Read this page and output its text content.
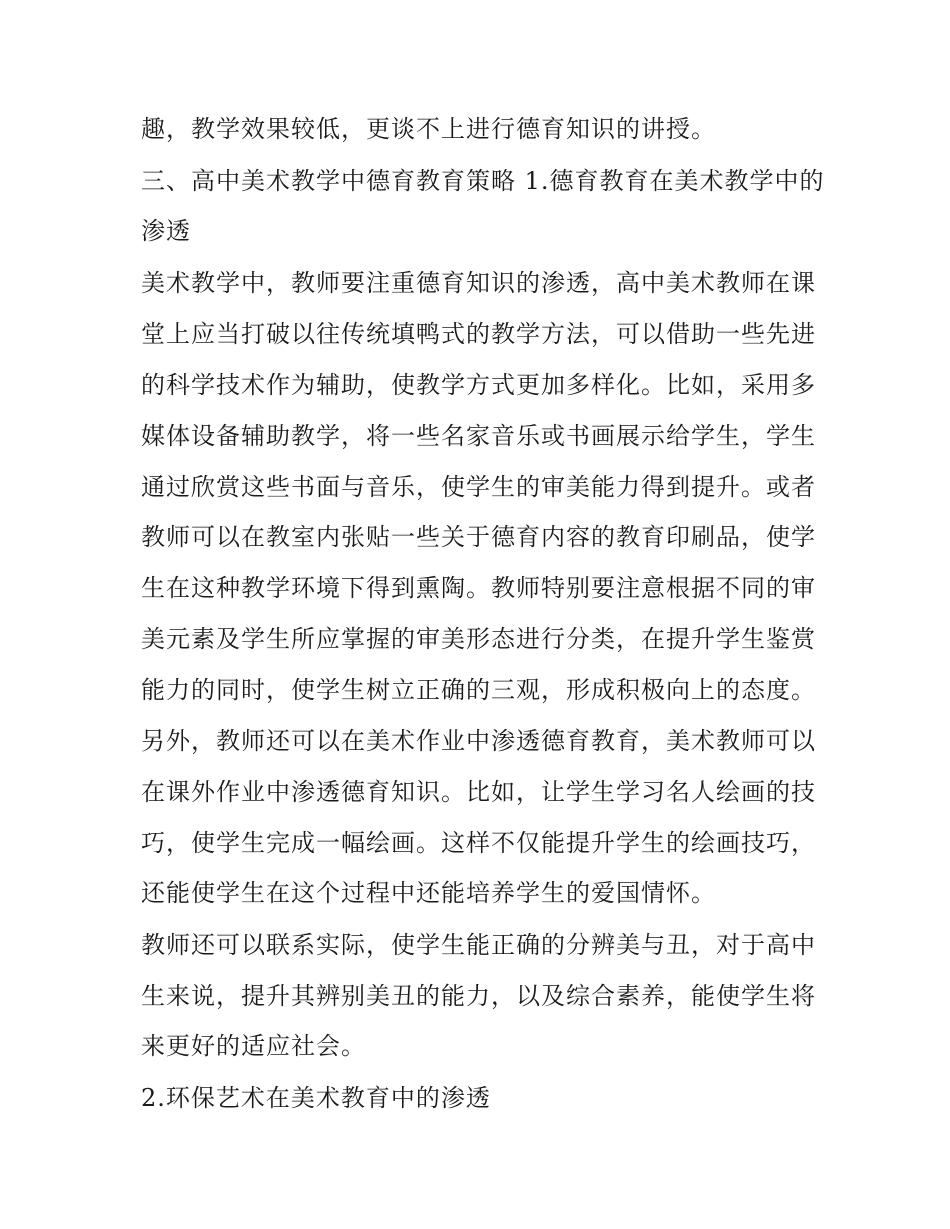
趣，教学效果较低，更谈不上进行德育知识的讲授。
三、高中美术教学中德育教育策略 1.德育教育在美术教学中的
渗透
美术教学中，教师要注重德育知识的渗透，高中美术教师在课
堂上应当打破以往传统填鸭式的教学方法，可以借助一些先进
的科学技术作为辅助，使教学方式更加多样化。比如，采用多
媒体设备辅助教学，将一些名家音乐或书画展示给学生，学生
通过欣赏这些书面与音乐，使学生的审美能力得到提升。或者
教师可以在教室内张贴一些关于德育内容的教育印刷品，使学
生在这种教学环境下得到熏陶。教师特别要注意根据不同的审
美元素及学生所应掌握的审美形态进行分类，在提升学生鉴赏
能力的同时，使学生树立正确的三观，形成积极向上的态度。
另外，教师还可以在美术作业中渗透德育教育，美术教师可以
在课外作业中渗透德育知识。比如，让学生学习名人绘画的技
巧，使学生完成一幅绘画。这样不仅能提升学生的绘画技巧，
还能使学生在这个过程中还能培养学生的爱国情怀。
教师还可以联系实际，使学生能正确的分辨美与丑，对于高中
生来说，提升其辨别美丑的能力，以及综合素养，能使学生将
来更好的适应社会。
2.环保艺术在美术教育中的渗透
